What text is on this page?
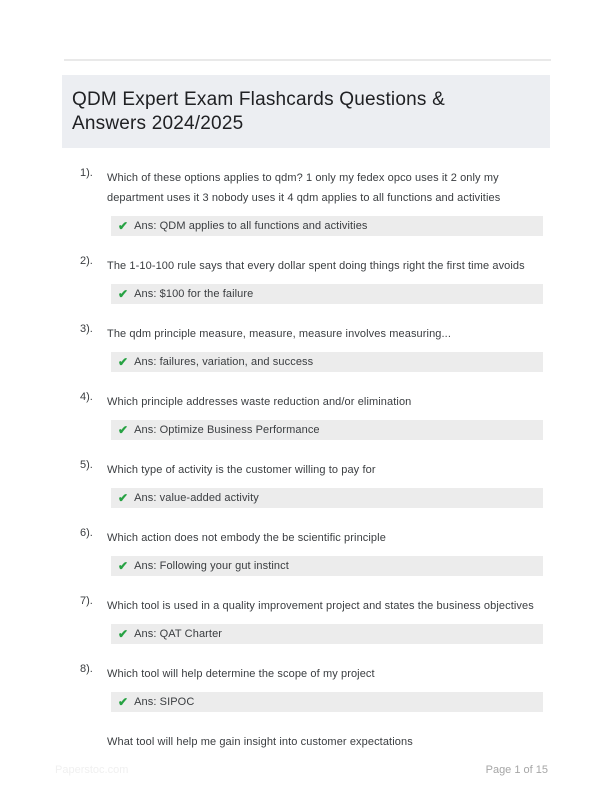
QDM Expert Exam Flashcards Questions & Answers 2024/2025
1). Which of these options applies to qdm? 1 only my fedex opco uses it 2 only my department uses it 3 nobody uses it 4 qdm applies to all functions and activities
✔ Ans: QDM applies to all functions and activities
2). The 1-10-100 rule says that every dollar spent doing things right the first time avoids
✔ Ans: $100 for the failure
3). The qdm principle measure, measure, measure involves measuring...
✔ Ans: failures, variation, and success
4). Which principle addresses waste reduction and/or elimination
✔ Ans: Optimize Business Performance
5). Which type of activity is the customer willing to pay for
✔ Ans: value-added activity
6). Which action does not embody the be scientific principle
✔ Ans: Following your gut instinct
7). Which tool is used in a quality improvement project and states the business objectives
✔ Ans: QAT Charter
8). Which tool will help determine the scope of my project
✔ Ans: SIPOC
What tool will help me gain insight into customer expectations
Paperstoc.com	Page 1 of 15
